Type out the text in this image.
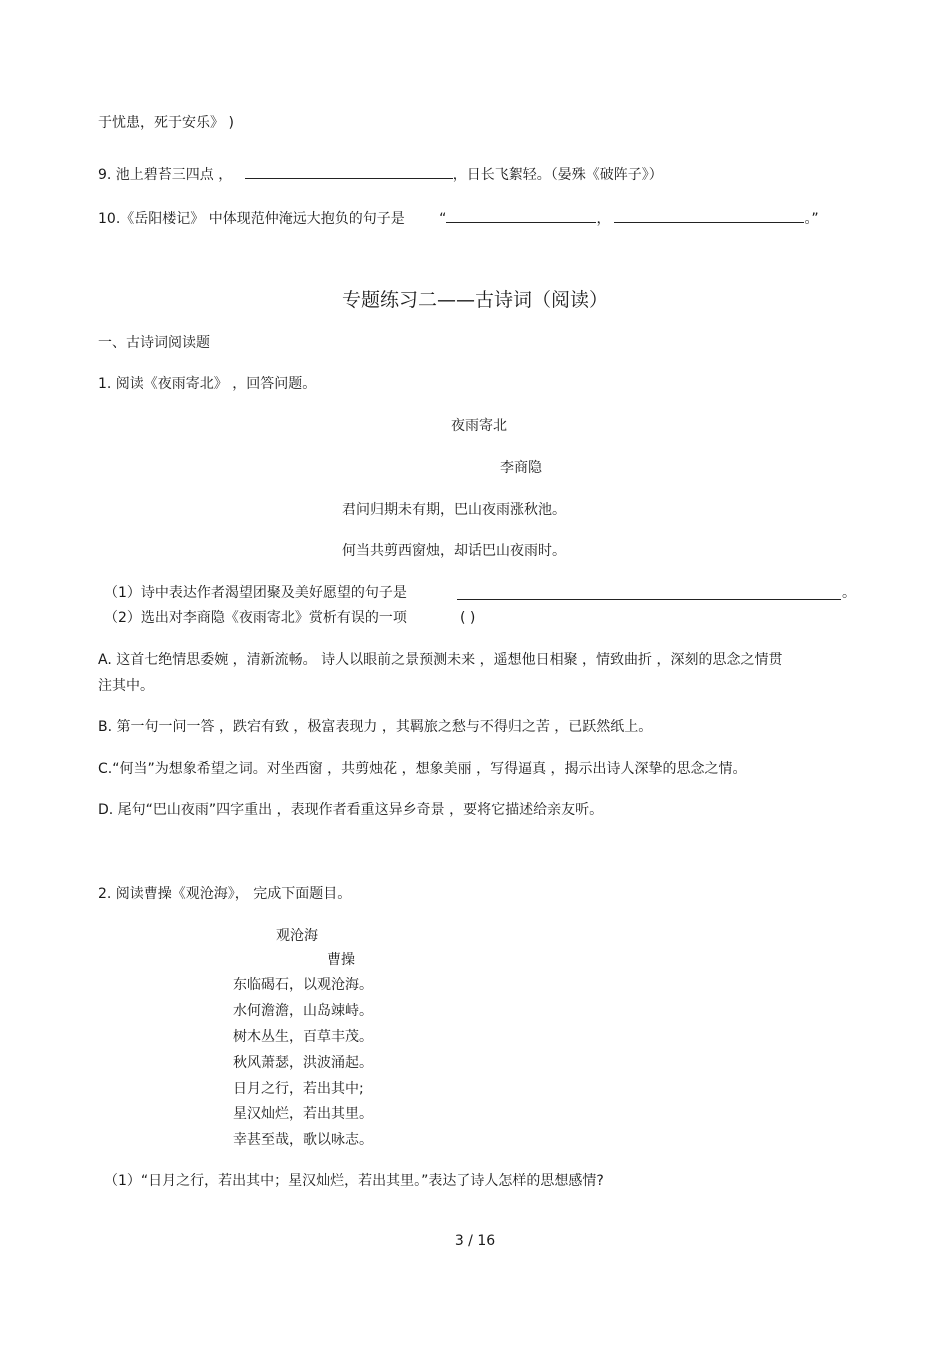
于忧患，死于安乐》 )
9. 池上碧苔三四点 ，	，日长飞絮轻。（晏殊《破阵子》）
10.《岳阳楼记》 中体现范仲淹远大抱负的句子是 “	，	。”
专题练习二——古诗词（阅读）
一、古诗词阅读题
1. 阅读《夜雨寄北》 ，回答问题。
夜雨寄北
李商隐
君问归期未有期，巴山夜雨涨秋池。
何当共剪西窗烛，却话巴山夜雨时。
（1）诗中表达作者渴望团聚及美好愿望的句子是	。
（2）选出对李商隐《夜雨寄北》赏析有误的一项	( )
A. 这首七绝情思委婉 ，清新流畅。 诗人以眼前之景预测未来 ，遥想他日相聚 ，情致曲折 ，深刻的思念之情贯
注其中。
B. 第一句一问一答 ，跌宕有致 ，极富表现力 ，其羁旅之愁与不得归之苦 ，已跃然纸上。
C.“何当”为想象希望之词。对坐西窗 ，共剪烛花 ，想象美丽 ，写得逼真 ，揭示出诗人深挚的思念之情。
D. 尾句“巴山夜雨”四字重出 ，表现作者看重这异乡奇景 ，要将它描述给亲友听。
2. 阅读曹操《观沧海》， 完成下面题目。
观沧海
曹操
东临碣石，以观沧海。
水何澹澹，山岛竦峙。
树木丛生，百草丰茂。
秋风萧瑟，洪波涌起。
日月之行，若出其中;
星汉灿烂，若出其里。
幸甚至哉，歌以咏志。
（1）“日月之行，若出其中；星汉灿烂，若出其里。”表达了诗人怎样的思想感情?
3 / 16
